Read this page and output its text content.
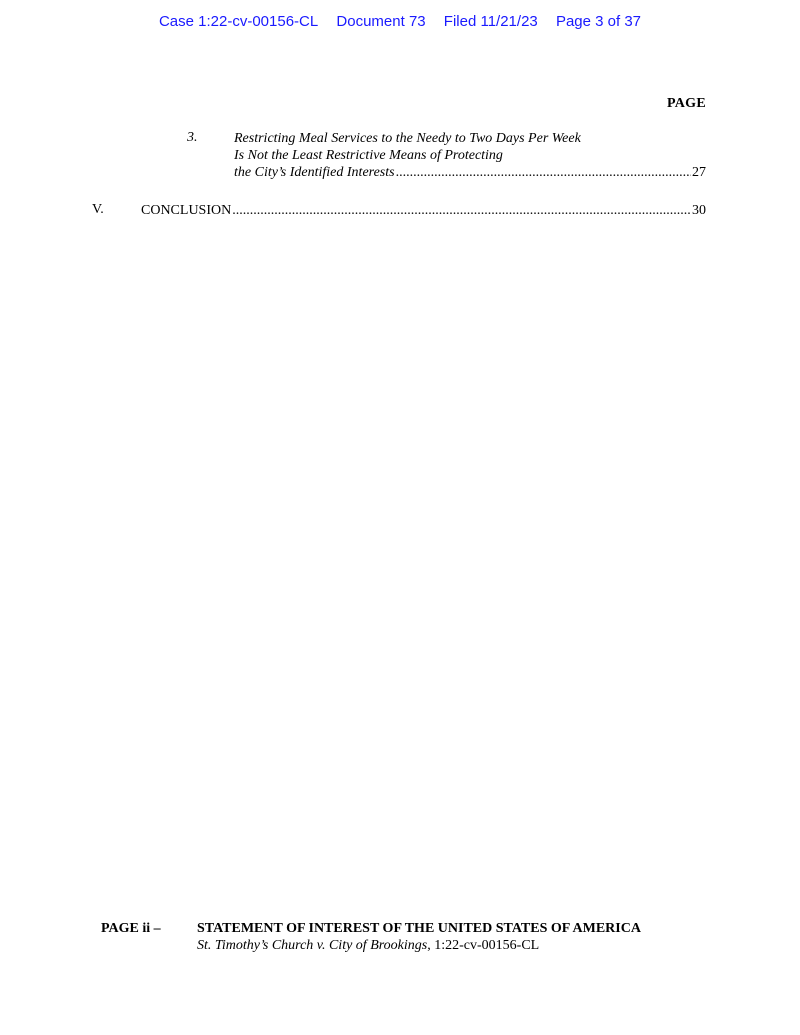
Case 1:22-cv-00156-CL Document 73 Filed 11/21/23 Page 3 of 37
PAGE
3.	Restricting Meal Services to the Needy to Two Days Per Week
Is Not the Least Restrictive Means of Protecting
the City’s Identified Interests .....	27
V.	CONCLUSION .....	30
PAGE ii –	STATEMENT OF INTEREST OF THE UNITED STATES OF AMERICA
St. Timothy’s Church v. City of Brookings, 1:22-cv-00156-CL
